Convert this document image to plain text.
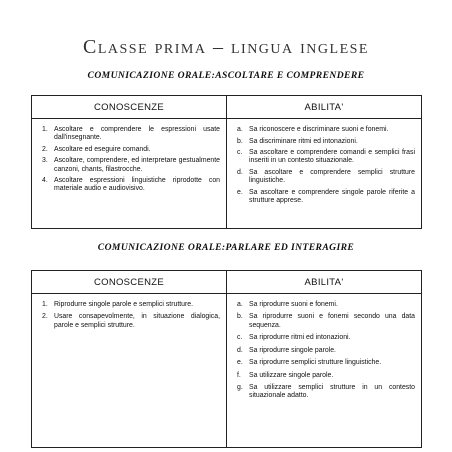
Classe prima – lingua inglese
COMUNICAZIONE ORALE:ASCOLTARE E COMPRENDERE
CONOSCENZE	ABILITA'
1. Ascoltare e comprendere le espressioni usate dall'insegnante.
2. Ascoltare ed eseguire comandi.
3. Ascoltare, comprendere, ed interpretare gestualmente canzoni, chants, filastrocche.
4. Ascoltare espressioni linguistiche riprodotte con materiale audio e audiovisivo.
a. Sa riconoscere e discriminare suoni e fonemi.
b. Sa discriminare ritmi ed intonazioni.
c. Sa ascoltare e comprendere comandi e semplici frasi inseriti in un contesto situazionale.
d. Sa ascoltare e comprendere semplici strutture linguistiche.
e. Sa ascoltare e comprendere singole parole riferite a strutture apprese.
COMUNICAZIONE ORALE:PARLARE ED INTERAGIRE
CONOSCENZE	ABILITA'
1. Riprodurre singole parole e semplici strutture.
2. Usare consapevolmente, in situazione dialogica, parole e semplici strutture.
a. Sa riprodurre suoni e fonemi.
b. Sa riprodurre suoni e fonemi secondo una data sequenza.
c. Sa riprodurre ritmi ed intonazioni.
d. Sa riprodurre singole parole.
e. Sa riprodurre semplici strutture linguistiche.
f.	Sa utilizzare singole parole.
g. Sa utilizzare semplici strutture in un contesto situazionale adatto.
